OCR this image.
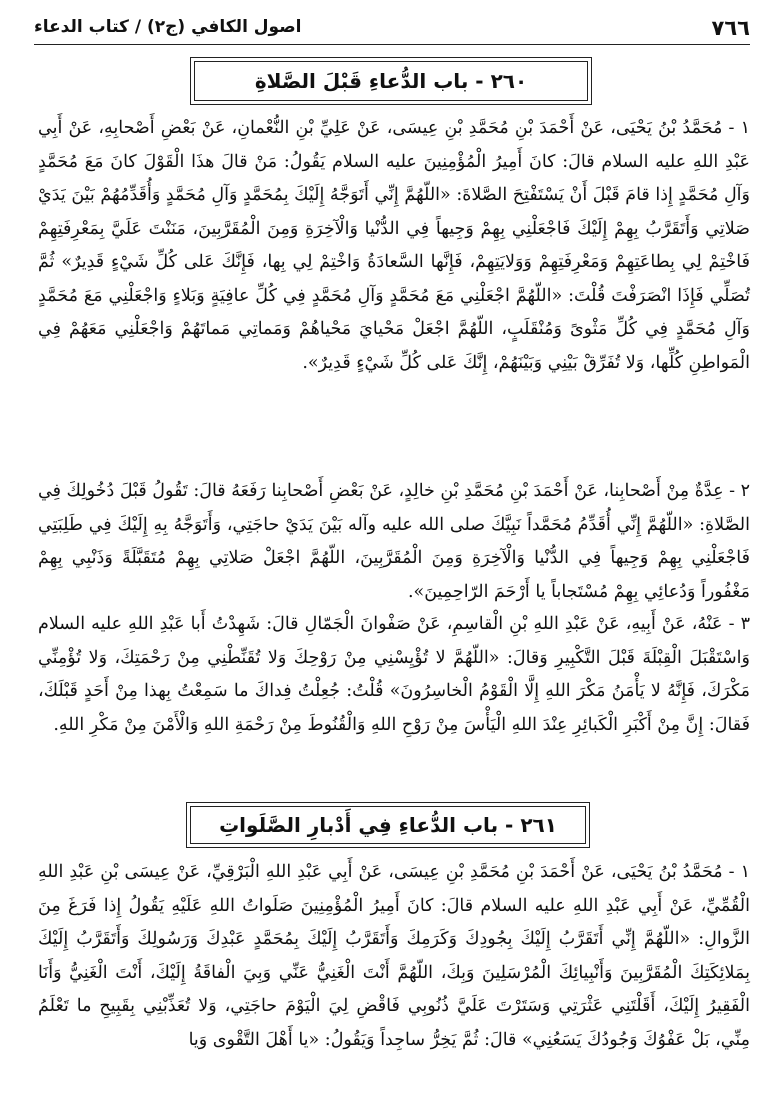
٧٦٦
اصول الكافي (ج٢) / كتاب الدعاء
٢٦٠ - باب الدُّعاءِ قَبْلَ الصَّلاةِ

١ - مُحَمَّدُ بْنُ يَحْيَى، عَنْ أَحْمَدَ بْنِ مُحَمَّدِ بْنِ عِيسَى، عَنْ عَلِيِّ بْنِ النُّعْمانِ، عَنْ بَعْضِ أَصْحابِهِ، عَنْ أَبِي عَبْدِ اللهِ عليه السلام قالَ: كانَ أَمِيرُ الْمُؤْمِنِينَ عليه السلام يَقُولُ: مَنْ قالَ هذَا الْقَوْلَ كانَ مَعَ مُحَمَّدٍ وَآلِ مُحَمَّدٍ إِذا قامَ قَبْلَ أَنْ يَسْتَفْتِحَ الصَّلاةَ: «اللّهُمَّ إِنِّي أَتَوَجَّهُ إِلَيْكَ بِمُحَمَّدٍ وَآلِ مُحَمَّدٍ وَأُقَدِّمُهُمْ بَيْنَ يَدَيْ صَلاتِي وَأَتَقَرَّبُ بِهِمْ إِلَيْكَ فَاجْعَلْنِي بِهِمْ وَجِيهاً فِي الدُّنْيا وَالْآخِرَةِ وَمِنَ الْمُقَرَّبِينَ، مَنَنْتَ عَلَيَّ بِمَعْرِفَتِهِمْ فَاخْتِمْ لِي بِطاعَتِهِمْ وَمَعْرِفَتِهِمْ وَوَلايَتِهِمْ، فَإِنَّها السَّعادَةُ وَاخْتِمْ لِي بِها، فَإِنَّكَ عَلى كُلِّ شَيْءٍ قَدِيرٌ» ثُمَّ تُصَلِّي فَإِذَا انْصَرَفْتَ قُلْتَ: «اللّهُمَّ اجْعَلْنِي مَعَ مُحَمَّدٍ وَآلِ مُحَمَّدٍ فِي كُلِّ عافِيَةٍ وَبَلاءٍ وَاجْعَلْنِي مَعَ مُحَمَّدٍ وَآلِ مُحَمَّدٍ فِي كُلِّ مَثْوىً وَمُنْقَلَبٍ، اللّهُمَّ اجْعَلْ مَحْيايَ مَحْياهُمْ وَمَماتِي مَماتَهُمْ وَاجْعَلْنِي مَعَهُمْ فِي الْمَواطِنِ كُلِّها، وَلا تُفَرِّقْ بَيْنِي وَبَيْنَهُمْ، إِنَّكَ عَلى كُلِّ شَيْءٍ قَدِيرٌ».

٢ - عِدَّةٌ مِنْ أَصْحابِنا، عَنْ أَحْمَدَ بْنِ مُحَمَّدِ بْنِ خالِدٍ، عَنْ بَعْضِ أَصْحابِنا رَفَعَهُ قالَ: تَقُولُ قَبْلَ دُخُولِكَ فِي الصَّلاةِ: «اللّهُمَّ إِنِّي أُقَدِّمُ مُحَمَّداً نَبِيَّكَ صلى الله عليه وآله بَيْنَ يَدَيْ حاجَتِي، وَأَتَوَجَّهُ بِهِ إِلَيْكَ فِي طَلِبَتِي فَاجْعَلْنِي بِهِمْ وَجِيهاً فِي الدُّنْيا وَالْآخِرَةِ وَمِنَ الْمُقَرَّبِينَ، اللّهُمَّ اجْعَلْ صَلاتِي بِهِمْ مُتَقَبَّلَةً وَذَنْبِي بِهِمْ مَغْفُوراً وَدُعائِي بِهِمْ مُسْتَجاباً يا أَرْحَمَ الرّاحِمِينَ».

٣ - عَنْهُ، عَنْ أَبِيهِ، عَنْ عَبْدِ اللهِ بْنِ الْقاسِمِ، عَنْ صَفْوانَ الْجَمّالِ قالَ: شَهِدْتُ أَبا عَبْدِ اللهِ عليه السلام وَاسْتَقْبَلَ الْقِبْلَةَ قَبْلَ التَّكْبِيرِ وَقالَ: «اللّهُمَّ لا تُؤْيِسْنِي مِنْ رَوْحِكَ وَلا تُقَنِّطْنِي مِنْ رَحْمَتِكَ، وَلا تُؤْمِنِّي مَكْرَكَ، فَإِنَّهُ لا يَأْمَنُ مَكْرَ اللهِ إِلَّا الْقَوْمُ الْخاسِرُونَ» قُلْتُ: جُعِلْتُ فِداكَ ما سَمِعْتُ بِهذا مِنْ أَحَدٍ قَبْلَكَ، فَقالَ: إِنَّ مِنْ أَكْبَرِ الْكَبائِرِ عِنْدَ اللهِ الْيَأْسَ مِنْ رَوْحِ اللهِ وَالْقُنُوطَ مِنْ رَحْمَةِ اللهِ وَالْأَمْنَ مِنْ مَكْرِ اللهِ.

٢٦١ - باب الدُّعاءِ فِي أَدْبارِ الصَّلَواتِ

١ - مُحَمَّدُ بْنُ يَحْيَى، عَنْ أَحْمَدَ بْنِ مُحَمَّدِ بْنِ عِيسَى، عَنْ أَبِي عَبْدِ اللهِ الْبَرْقِيِّ، عَنْ عِيسَى بْنِ عَبْدِ اللهِ الْقُمِّيِّ، عَنْ أَبِي عَبْدِ اللهِ عليه السلام قالَ: كانَ أَمِيرُ الْمُؤْمِنِينَ صَلَواتُ اللهِ عَلَيْهِ يَقُولُ إِذا فَرَغَ مِنَ الزَّوالِ: «اللّهُمَّ إِنِّي أَتَقَرَّبُ إِلَيْكَ بِجُودِكَ وَكَرَمِكَ وَأَتَقَرَّبُ إِلَيْكَ بِمُحَمَّدٍ عَبْدِكَ وَرَسُولِكَ وَأَتَقَرَّبُ إِلَيْكَ بِمَلائِكَتِكَ الْمُقَرَّبِينَ وَأَنْبِيائِكَ الْمُرْسَلِينَ وَبِكَ، اللّهُمَّ أَنْتَ الْغَنِيُّ عَنِّي وَبِيَ الْفاقَةُ إِلَيْكَ، أَنْتَ الْغَنِيُّ وَأَنَا الْفَقِيرُ إِلَيْكَ، أَقَلْتَنِي عَثْرَتِي وَسَتَرْتَ عَلَيَّ ذُنُوبِي فَاقْضِ لِيَ الْيَوْمَ حاجَتِي، وَلا تُعَذِّبْنِي بِقَبِيحِ ما تَعْلَمُ مِنِّي، بَلْ عَفْوُكَ وَجُودُكَ يَسَعُنِي» قالَ: ثُمَّ يَخِرُّ ساجِداً وَيَقُولُ: «يا أَهْلَ التَّقْوى وَيا
